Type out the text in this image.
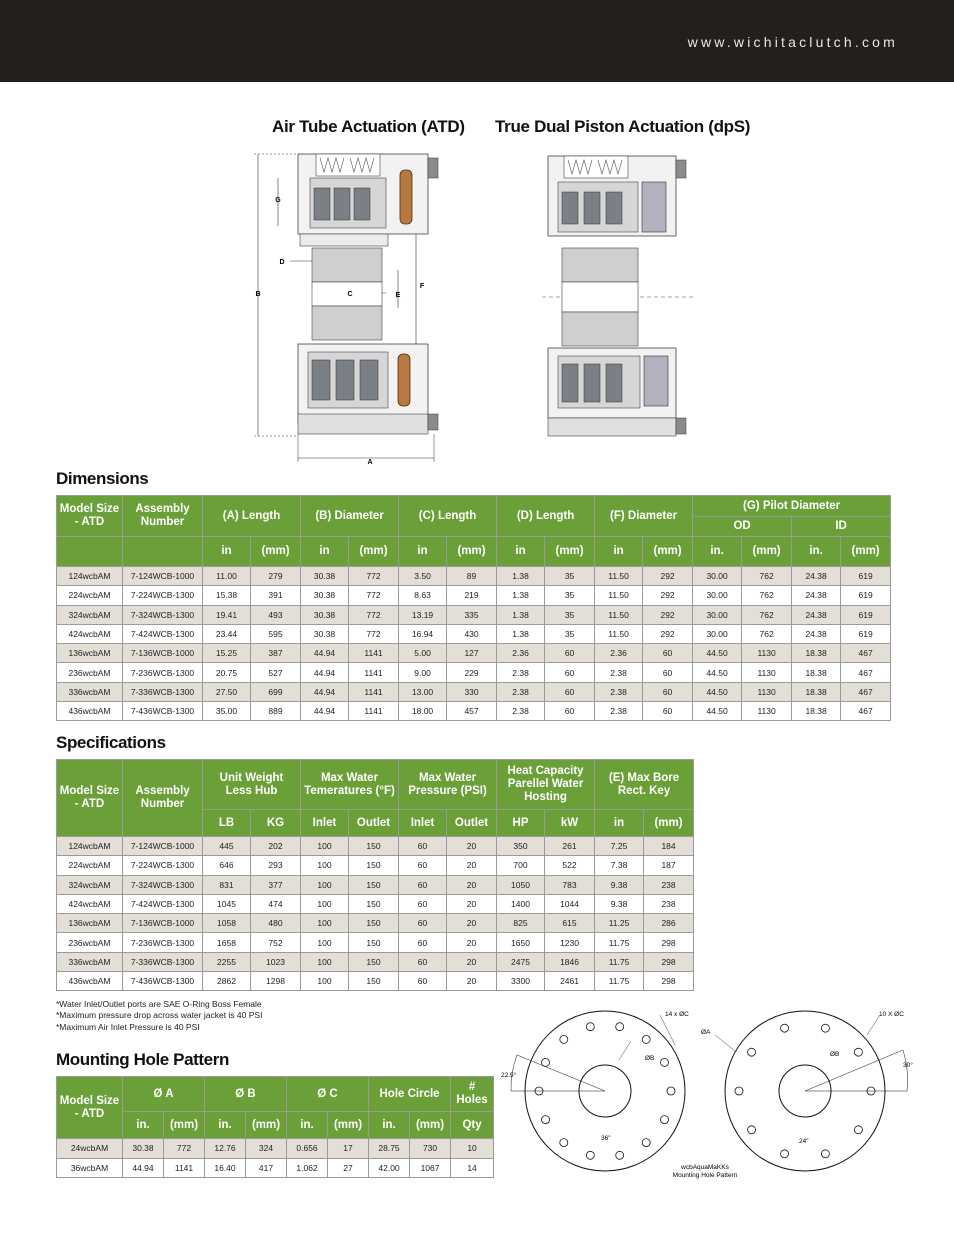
www.wichitaclutch.com
Air Tube Actuation (ATD) True Dual Piston Actuation (dpS)
G
D
B	C	E
F
A
Dimensions
Model Size - ATD	Assembly Number	(A) Length		(B) Diameter		(C) Length		(D) Length		(F) Diameter		(G) Pilot Diameter			
												OD		ID	
		in	(mm)	in	(mm)	in	(mm)	in	(mm)	in	(mm)	in.	(mm)	in.	(mm)
124wcbAM	7-124WCB-1000	11.00	279	30.38	772	3.50	89	1.38	35	11.50	292	30.00	762	24.38	619
224wcbAM	7-224WCB-1300	15.38	391	30.38	772	8.63	219	1.38	35	11.50	292	30.00	762	24.38	619
324wcbAM	7-324WCB-1300	19.41	493	30.38	772	13.19	335	1.38	35	11.50	292	30.00	762	24.38	619
424wcbAM	7-424WCB-1300	23.44	595	30.38	772	16.94	430	1.38	35	11.50	292	30.00	762	24.38	619
136wcbAM	7-136WCB-1000	15.25	387	44.94	1141	5.00	127	2.36	60	2.36	60	44.50	1130	18.38	467
236wcbAM	7-236WCB-1300	20.75	527	44.94	1141	9.00	229	2.38	60	2.38	60	44.50	1130	18.38	467
336wcbAM	7-336WCB-1300	27.50	699	44.94	1141	13.00	330	2.38	60	2.38	60	44.50	1130	18.38	467
436wcbAM	7-436WCB-1300	35.00	889	44.94	1141	18.00	457	2.38	60	2.38	60	44.50	1130	18.38	467
Specifications
Model Size - ATD	Assembly Number	Unit Weight Less Hub		Max Water Temeratures (°F)		Max Water Pressure (PSI)		Heat Capacity Parellel Water Hosting		(E) Max Bore Rect. Key	
		LB	KG	Inlet	Outlet	Inlet	Outlet	HP	kW	in	(mm)
124wcbAM	7-124WCB-1000	445	202	100	150	60	20	350	261	7.25	184
224wcbAM	7-224WCB-1300	646	293	100	150	60	20	700	522	7.38	187
324wcbAM	7-324WCB-1300	831	377	100	150	60	20	1050	783	9.38	238
424wcbAM	7-424WCB-1300	1045	474	100	150	60	20	1400	1044	9.38	238
136wcbAM	7-136WCB-1000	1058	480	100	150	60	20	825	615	11.25	286
236wcbAM	7-236WCB-1300	1658	752	100	150	60	20	1650	1230	11.75	298
336wcbAM	7-336WCB-1300	2255	1023	100	150	60	20	2475	1846	11.75	298
436wcbAM	7-436WCB-1300	2862	1298	100	150	60	20	3300	2461	11.75	298
*Water Inlet/Outlet ports are SAE O-Ring Boss Female
*Maximum pressure drop across water jacket is 40 PSI
*Maximum Air Inlet Pressure is 40 PSI
Mounting Hole Pattern
Model Size - ATD	Ø A		Ø B		Ø C		Hole Circle		# Holes
	in.	(mm)	in.	(mm)	in.	(mm)	in.	(mm)	Qty
24wcbAM	30.38	772	12.76	324	0.656	17	28.75	730	10
36wcbAM	44.94	1141	16.40	417	1.062	27	42.00	1067	14
14 x ØC
ØB
22.5°
36"
ØA
10 X ØC
ØB
30°
24"
wcbAquaMaKKs
Mounting Hole Pattern
